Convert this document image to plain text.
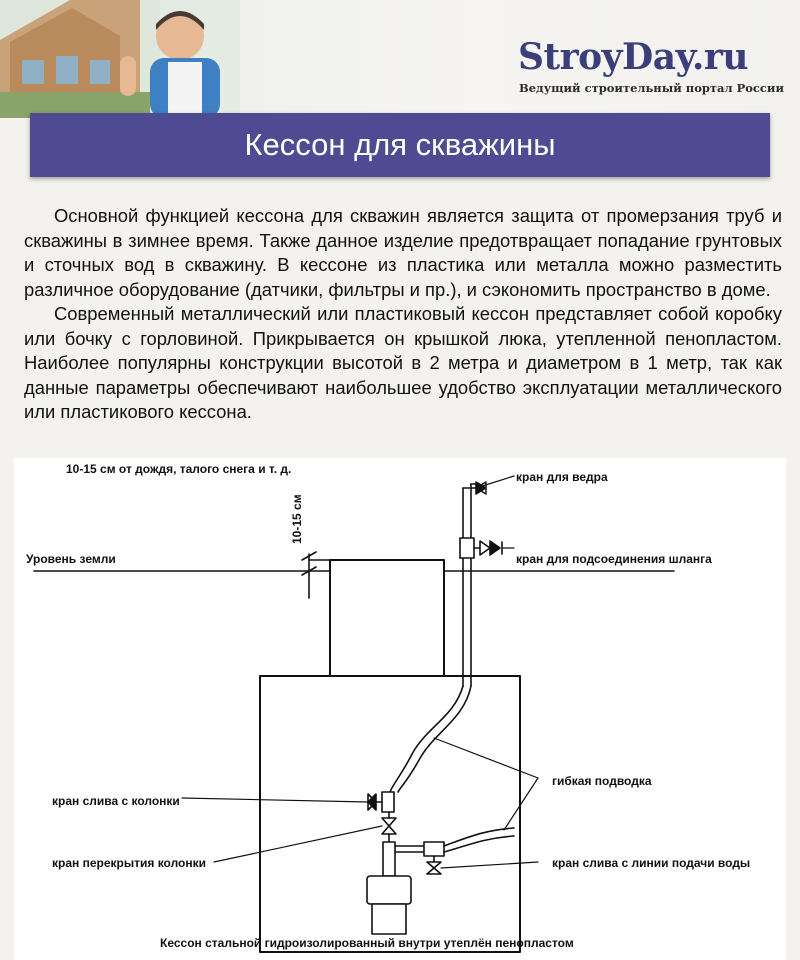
StroyDay.ru
Ведущий строительный портал России
Кессон для скважины

Основной функцией кессона для скважин является защита от промерзания труб и скважины в зимнее время. Также данное изделие предотвращает попадание грунтовых и сточных вод в скважину. В кессоне из пластика или металла можно разместить различное оборудование (датчики, фильтры и пр.), и сэкономить пространство в доме.

Современный металлический или пластиковый кессон представляет собой коробку или бочку с горловиной. Прикрывается он крышкой люка, утепленной пенопластом. Наиболее популярны конструкции высотой в 2 метра и диаметром в 1 метр, так как данные параметры обеспечивают наибольшее удобство эксплуатации металлического или пластикового кессона.

10-15 см от дождя, талого снега и т. д.
10-15 см
Уровень земли
кран для ведра
кран для подсоединения шланга
гибкая подводка
кран слива с колонки
кран перекрытия колонки	кран слива с линии подачи воды
Кессон стальной гидроизолированный внутри утеплён пенопластом
